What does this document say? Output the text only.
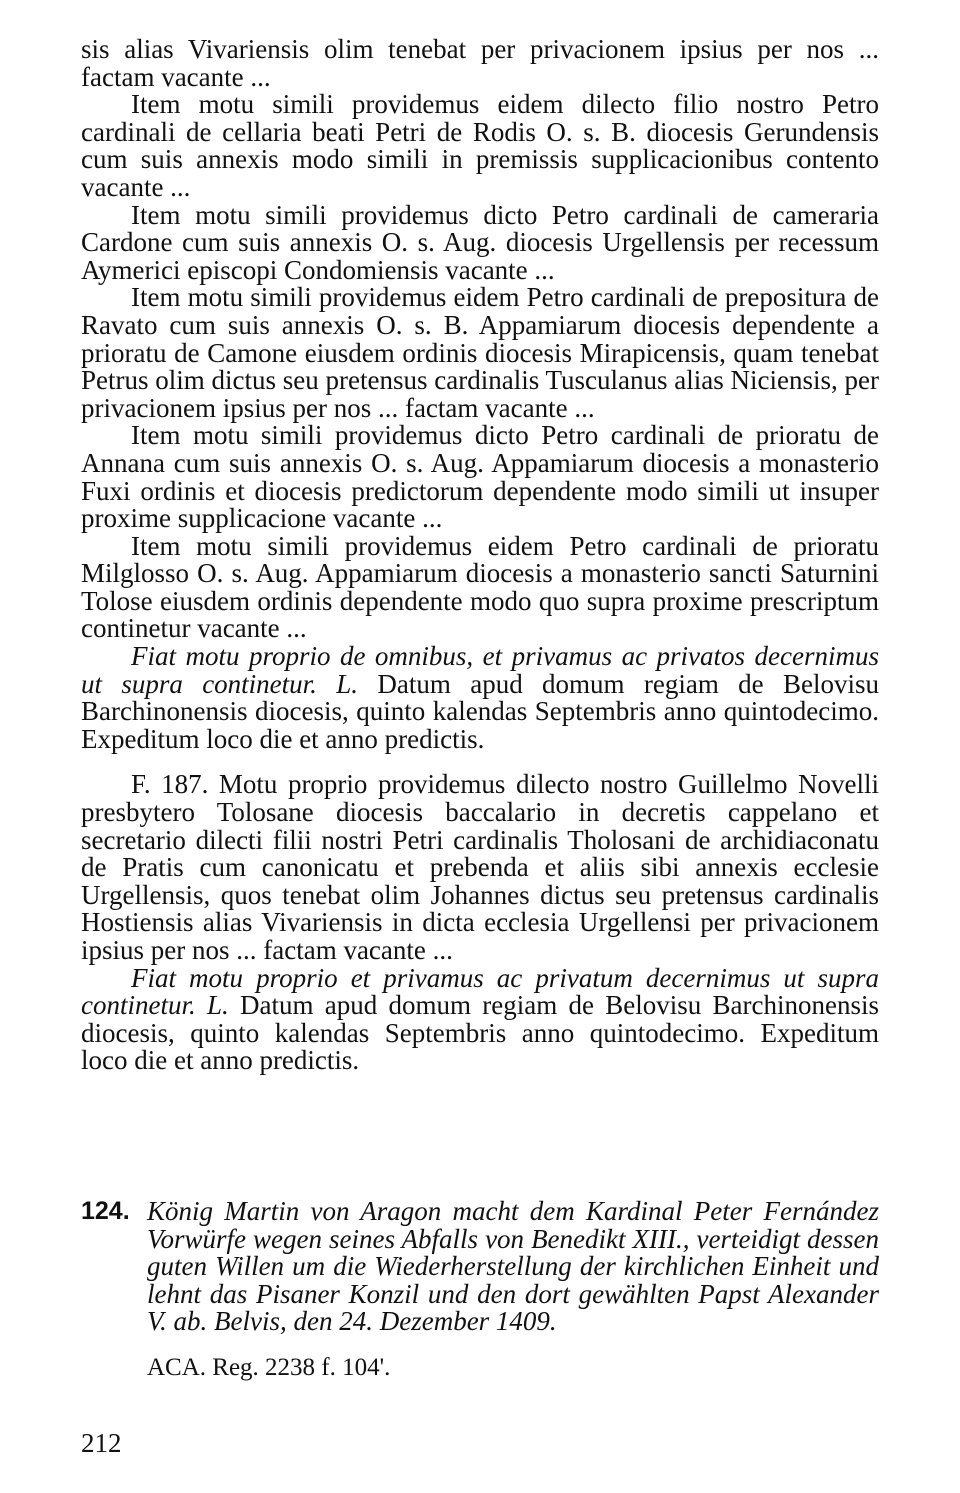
sis alias Vivariensis olim tenebat per privacionem ipsius per nos ... factam vacante ...

Item motu simili providemus eidem dilecto filio nostro Petro cardinali de cellaria beati Petri de Rodis O. s. B. diocesis Gerundensis cum suis annexis modo simili in premissis supplicacionibus contento vacante ...

Item motu simili providemus dicto Petro cardinali de cameraria Cardone cum suis annexis O. s. Aug. diocesis Urgellensis per recessum Aymerici episcopi Condomiensis vacante ...

Item motu simili providemus eidem Petro cardinali de prepositura de Ravato cum suis annexis O. s. B. Appamiarum diocesis dependente a prioratu de Camone eiusdem ordinis diocesis Mirapicensis, quam tenebat Petrus olim dictus seu pretensus cardinalis Tusculanus alias Niciensis, per privacionem ipsius per nos ... factam vacante ...

Item motu simili providemus dicto Petro cardinali de prioratu de Annana cum suis annexis O. s. Aug. Appamiarum diocesis a monasterio Fuxi ordinis et diocesis predictorum dependente modo simili ut insuper proxime supplicacione vacante ...

Item motu simili providemus eidem Petro cardinali de prioratu Milglosso O. s. Aug. Appamiarum diocesis a monasterio sancti Saturnini Tolose eiusdem ordinis dependente modo quo supra proxime prescriptum continetur vacante ...

Fiat motu proprio de omnibus, et privamus ac privatos decernimus ut supra continetur. L. Datum apud domum regiam de Belovisu Barchinonensis diocesis, quinto kalendas Septembris anno quintodecimo. Expeditum loco die et anno predictis.

F. 187. Motu proprio providemus dilecto nostro Guillelmo Novelli presbytero Tolosane diocesis baccalario in decretis cappelano et secretario dilecti filii nostri Petri cardinalis Tholosani de archidiaconatu de Pratis cum canonicatu et prebenda et aliis sibi annexis ecclesie Urgellensis, quos tenebat olim Johannes dictus seu pretensus cardinalis Hostiensis alias Vivariensis in dicta ecclesia Urgellensi per privacionem ipsius per nos ... factam vacante ...

Fiat motu proprio et privamus ac privatum decernimus ut supra continetur. L. Datum apud domum regiam de Belovisu Barchinonensis diocesis, quinto kalendas Septembris anno quintodecimo. Expeditum loco die et anno predictis.

124. König Martin von Aragon macht dem Kardinal Peter Fernández Vorwürfe wegen seines Abfalls von Benedikt XIII., verteidigt dessen guten Willen um die Wiederherstellung der kirchlichen Einheit und lehnt das Pisaner Konzil und den dort gewählten Papst Alexander V. ab. Belvis, den 24. Dezember 1409.

ACA. Reg. 2238 f. 104'.

212
